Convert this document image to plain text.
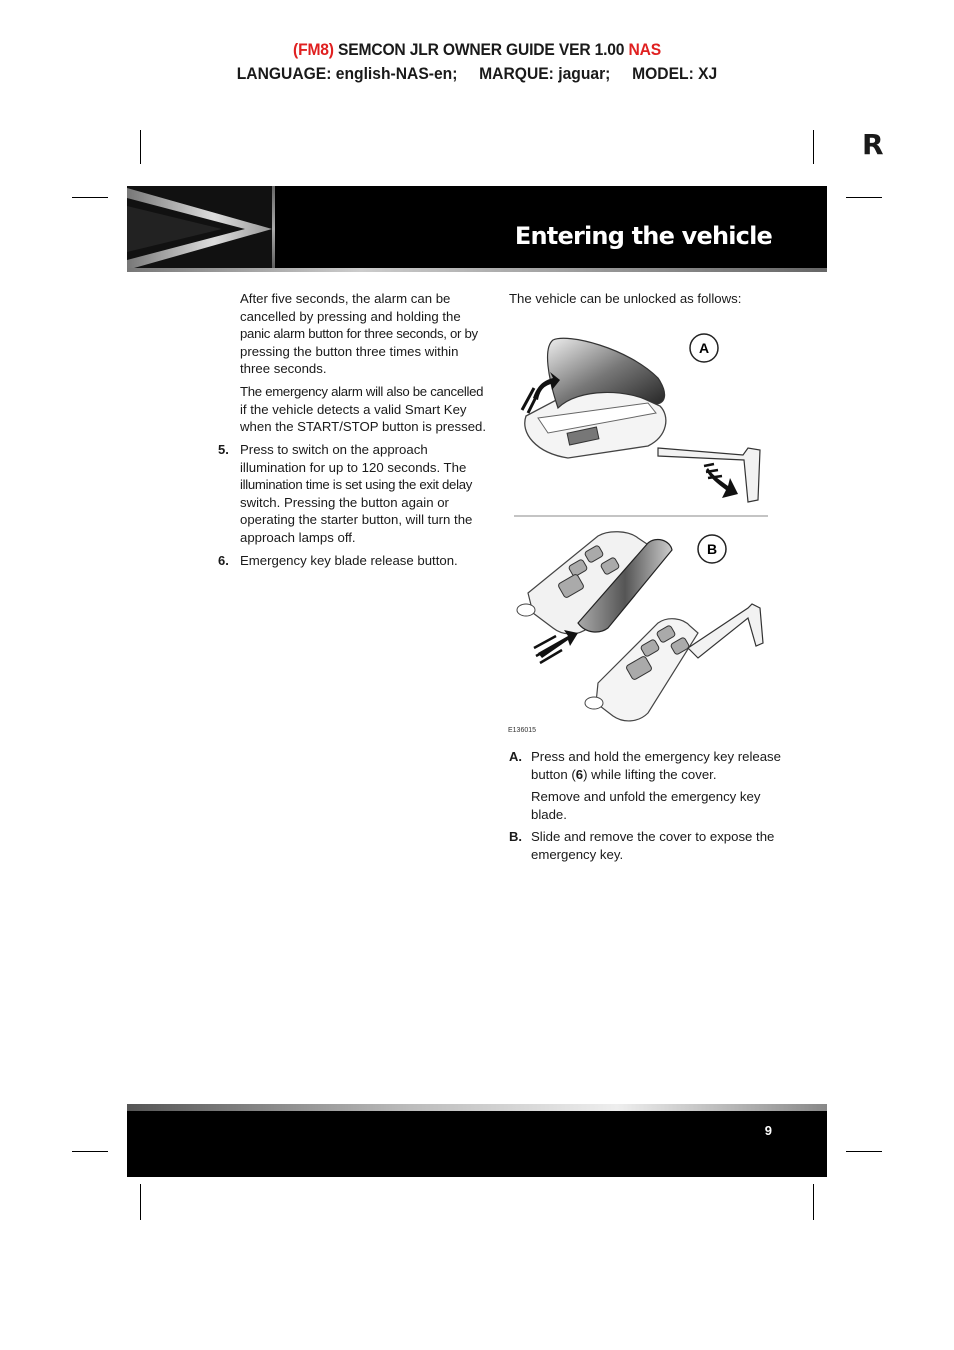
(FM8) SEMCON JLR OWNER GUIDE VER 1.00 NAS
LANGUAGE: english-NAS-en;     MARQUE: jaguar;     MODEL: XJ
R
Entering the vehicle
After five seconds, the alarm can be
cancelled by pressing and holding the
panic alarm button for three seconds, or by
pressing the button three times within
three seconds.
The emergency alarm will also be cancelled
if the vehicle detects a valid Smart Key
when the START/STOP button is pressed.
5. Press to switch on the approach
illumination for up to 120 seconds. The
illumination time is set using the exit delay
switch. Pressing the button again or
operating the starter button, will turn the
approach lamps off.
6. Emergency key blade release button.
The vehicle can be unlocked as follows:
A
B
E136015
A. Press and hold the emergency key release
button (6) while lifting the cover.
Remove and unfold the emergency key
blade.
B. Slide and remove the cover to expose the
emergency key.
9
